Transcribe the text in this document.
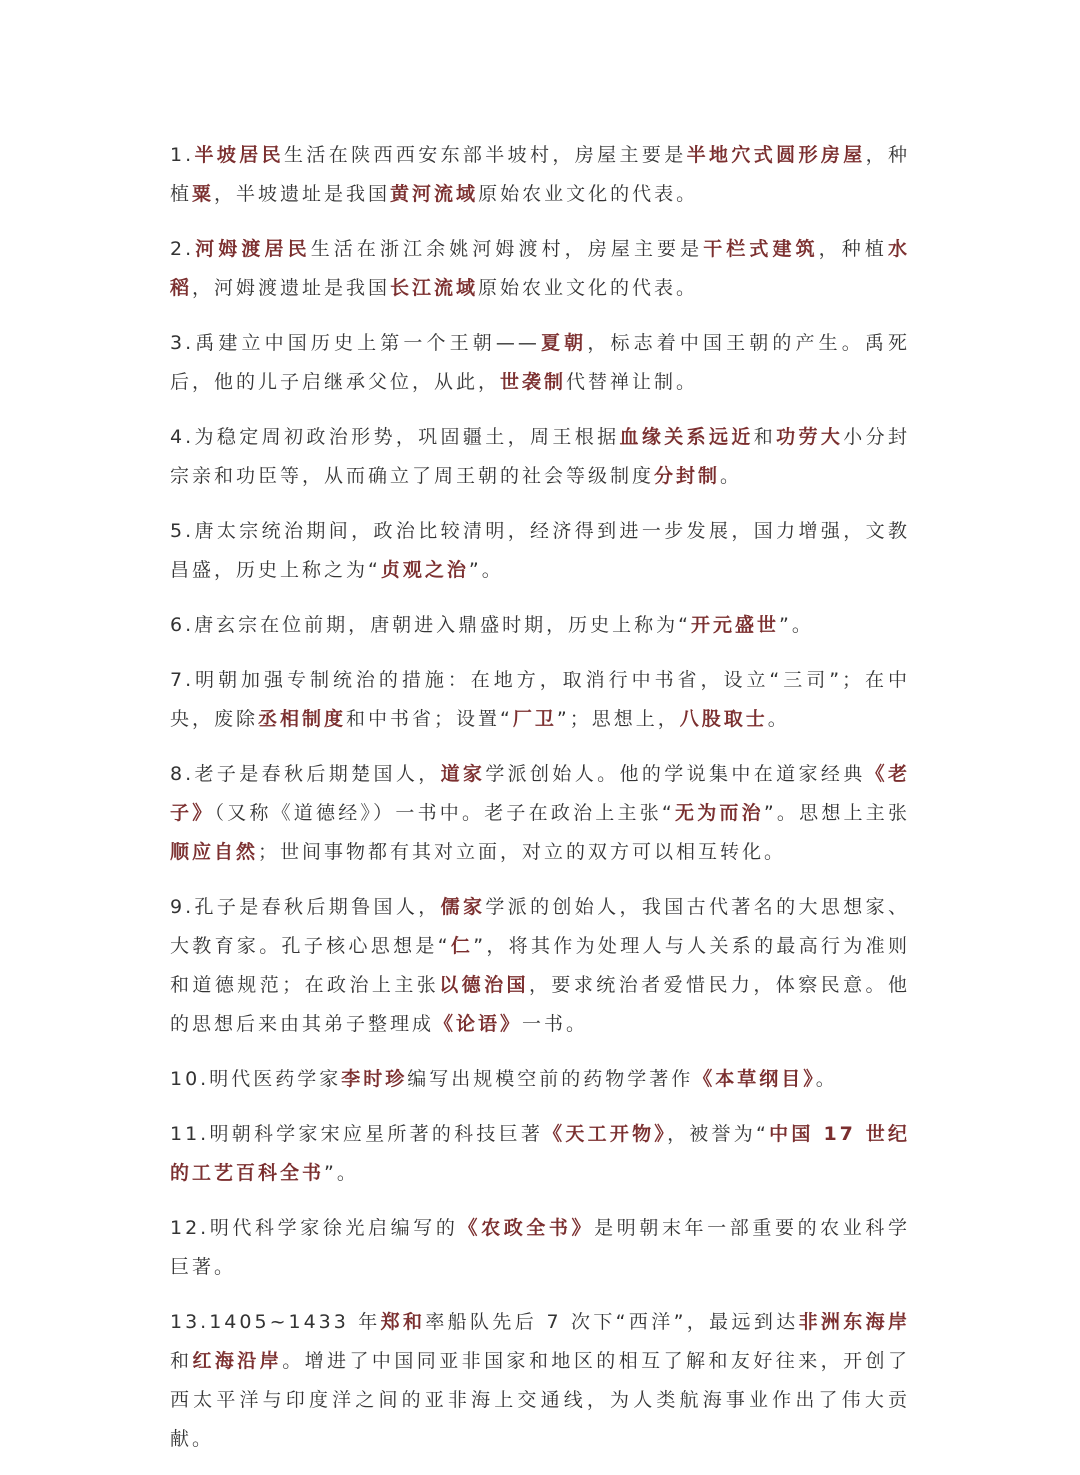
1.半坡居民生活在陕西西安东部半坡村，房屋主要是半地穴式圆形房屋，种植粟，半坡遗址是我国黄河流域原始农业文化的代表。

2.河姆渡居民生活在浙江余姚河姆渡村，房屋主要是干栏式建筑，种植水稻，河姆渡遗址是我国长江流域原始农业文化的代表。

3.禹建立中国历史上第一个王朝——夏朝，标志着中国王朝的产生。禹死后，他的儿子启继承父位，从此，世袭制代替禅让制。

4.为稳定周初政治形势，巩固疆土，周王根据血缘关系远近和功劳大小分封宗亲和功臣等，从而确立了周王朝的社会等级制度分封制。

5.唐太宗统治期间，政治比较清明，经济得到进一步发展，国力增强，文教昌盛，历史上称之为“贞观之治”。

6.唐玄宗在位前期，唐朝进入鼎盛时期，历史上称为“开元盛世”。

7.明朝加强专制统治的措施：在地方，取消行中书省，设立“三司”；在中央，废除丞相制度和中书省；设置“厂卫”；思想上，八股取士。

8.老子是春秋后期楚国人，道家学派创始人。他的学说集中在道家经典《老子》（又称《道德经》）一书中。老子在政治上主张“无为而治”。思想上主张顺应自然；世间事物都有其对立面，对立的双方可以相互转化。

9.孔子是春秋后期鲁国人，儒家学派的创始人，我国古代著名的大思想家、大教育家。孔子核心思想是“仁”，将其作为处理人与人关系的最高行为准则和道德规范；在政治上主张以德治国，要求统治者爱惜民力，体察民意。他的思想后来由其弟子整理成《论语》一书。

10.明代医药学家李时珍编写出规模空前的药物学著作《本草纲目》。

11.明朝科学家宋应星所著的科技巨著《天工开物》，被誉为“中国 17 世纪的工艺百科全书”。

12.明代科学家徐光启编写的《农政全书》是明朝末年一部重要的农业科学巨著。

13.1405~1433 年郑和率船队先后 7 次下“西洋”，最远到达非洲东海岸和红海沿岸。增进了中国同亚非国家和地区的相互了解和友好往来，开创了西太平洋与印度洋之间的亚非海上交通线，为人类航海事业作出了伟大贡献。
